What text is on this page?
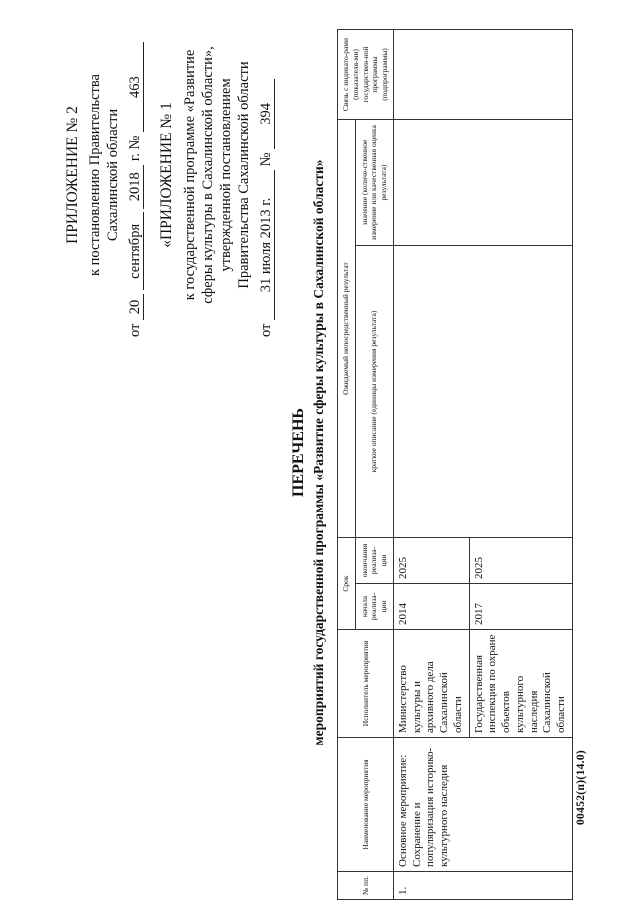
ПРИЛОЖЕНИЕ № 2 к постановлению Правительства Сахалинской области
от 20 сентября 2018 г. № 463
«ПРИЛОЖЕНИЕ № 1 к государственной программе «Развитие сферы культуры в Сахалинской области», утвержденной постановлением Правительства Сахалинской области
от 31 июля 2013 г. № 394
ПЕРЕЧЕНЬ мероприятий государственной программы «Развитие сферы культуры в Сахалинской области»
№ пп.	Наименование мероприятия	Исполнитель мероприятия	Срок		Ожидаемый непосредственный результат		Связь с индикато-рами (показателя-ми) государствен-ной программы (подпрограммы)
			начала реализа-ции	окончания реализа-ции	краткое описание (единицы измерения результата)	значение (количе-ственное измерение или качественная оценка результата)	
1.	Основное мероприятие: Сохранение и популяризация историко-культурного наследия	Министерство культуры и архивного дела Сахалинской области	2014	2025			
		Государственная инспекция по охране объектов культурного наследия Сахалинской области	2017	2025			
00452(п)(14.0)
